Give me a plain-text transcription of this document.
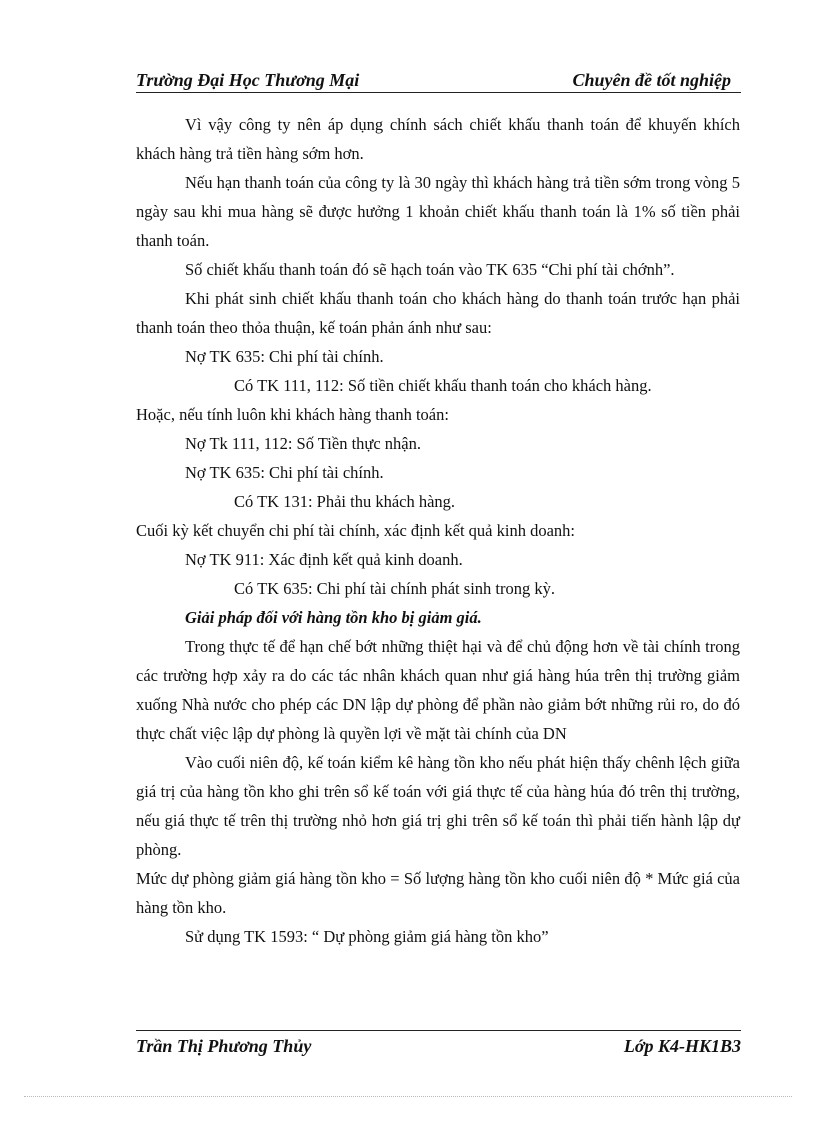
Trường Đại Học Thương Mại	Chuyên đề tốt nghiệp

Vì vậy công ty nên áp dụng chính sách chiết khấu thanh toán để khuyến khích khách hàng trả tiền hàng sớm hơn.

Nếu hạn thanh toán của công ty là 30 ngày thì khách hàng trả tiền sớm trong vòng 5 ngày sau khi mua hàng sẽ được hưởng 1 khoản chiết khấu thanh toán là 1% số tiền phải thanh toán.

Số chiết khấu thanh toán đó sẽ hạch toán vào TK 635 “Chi phí tài chớnh”.

Khi phát sinh chiết khấu thanh toán cho khách hàng do thanh toán trước hạn phải thanh toán theo thỏa thuận, kế toán phản ánh như sau:

Nợ TK 635: Chi phí tài chính.

Có TK 111, 112: Số tiền chiết khấu thanh toán cho khách hàng.

Hoặc, nếu tính luôn khi khách hàng thanh toán:

Nợ Tk 111, 112: Số Tiền thực nhận.

Nợ TK 635: Chi phí tài chính.

Có TK 131: Phải thu khách hàng.

Cuối kỳ kết chuyển chi phí tài chính, xác định kết quả kinh doanh:

Nợ TK 911: Xác định kết quả kinh doanh.

Có TK 635: Chi phí tài chính phát sinh trong kỳ.

Giải pháp đối với hàng tồn kho bị giảm giá.

Trong thực tế để hạn chế bớt những thiệt hại và để chủ động hơn về tài chính trong các trường hợp xảy ra do các tác nhân khách quan như giá hàng húa trên thị trường giảm xuống Nhà nước cho phép các DN lập dự phòng để phần nào giảm bớt những rủi ro, do đó thực chất việc lập dự phòng là quyền lợi về mặt tài chính của DN

Vào cuối niên độ, kế toán kiểm kê hàng tồn kho nếu phát hiện thấy chênh lệch giữa giá trị của hàng tồn kho ghi trên sổ kế toán với giá thực tế của hàng húa đó trên thị trường, nếu giá thực tế trên thị trường nhỏ hơn giá trị ghi trên sổ kế toán thì phải tiến hành lập dự phòng.

Mức dự phòng giảm giá hàng tồn kho = Số lượng hàng tồn kho cuối niên độ * Mức giá của hàng tồn kho.

Sử dụng TK 1593: “ Dự phòng giảm giá hàng tồn kho”

Trần Thị Phương Thủy	Lớp K4-HK1B3
